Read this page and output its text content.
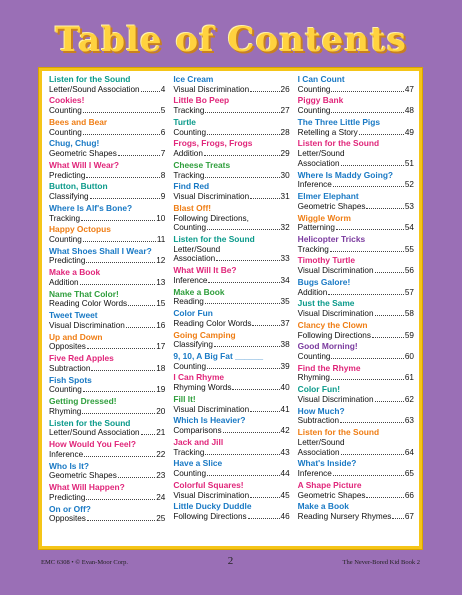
Table of Contents
Listen for the Sound
Letter/Sound Association	4
Cookies!
Counting	5
Bees and Bear
Counting	6
Chug, Chug!
Geometric Shapes	7
What Will I Wear?
Predicting	8
Button, Button
Classifying	9
Where Is Alf's Bone?
Tracking	10
Happy Octopus
Counting	11
What Shoes Shall I Wear?
Predicting	12
Make a Book
Addition	13
Name That Color!
Reading Color Words	15
Tweet Tweet
Visual Discrimination	16
Up and Down
Opposites	17
Five Red Apples
Subtraction	18
Fish Spots
Counting	19
Getting Dressed!
Rhyming	20
Listen for the Sound
Letter/Sound Association 21
How Would You Feel?
Inference	22
Who Is It?
Geometric Shapes	23
What Will Happen?
Predicting	24
On or Off?
Opposites	25
Ice Cream
Visual Discrimination	26
Little Bo Peep
Tracking	27
Turtle
Counting	28
Frogs, Frogs, Frogs
Addition	29
Cheese Treats
Tracking	30
Find Red
Visual Discrimination	31
Blast Off!
Following Directions,
Counting	32
Listen for the Sound
Letter/Sound
Association	33
What Will It Be?
Inference	34
Make a Book
Reading	35
Color Fun
Reading Color Words	37
Going Camping
Classifying	38
9, 10, A Big Fat ______
Counting	39
I Can Rhyme
Rhyming Words	40
Fill It!
Visual Discrimination	41
Which Is Heavier?
Comparisons	42
Jack and Jill
Tracking	43
Have a Slice
Counting	44
Colorful Squares!
Visual Discrimination	45
Little Ducky Duddle
Following Directions	46
I Can Count
Counting	47
Piggy Bank
Counting	48
The Three Little Pigs
Retelling a Story	49
Listen for the Sound
Letter/Sound
Association	51
Where Is Maddy Going?
Inference	52
Elmer Elephant
Geometric Shapes	53
Wiggle Worm
Patterning	54
Helicopter Tricks
Tracking	55
Timothy Turtle
Visual Discrimination	56
Bugs Galore!
Addition	57
Just the Same
Visual Discrimination	58
Clancy the Clown
Following Directions	59
Good Morning!
Counting	60
Find the Rhyme
Rhyming	61
Color Fun!
Visual Discrimination	62
How Much?
Subtraction	63
Listen for the Sound
Letter/Sound
Association	64
What's Inside?
Inference	65
A Shape Picture
Geometric Shapes	66
Make a Book
Reading Nursery Rhymes 67
EMC 6308 • © Evan-Moor Corp.	2	The Never-Bored Kid Book 2
